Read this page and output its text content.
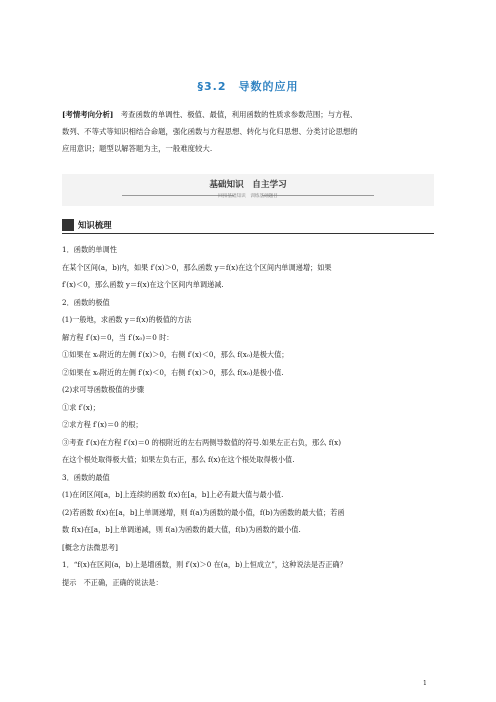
§3.2　导数的应用
[考情考向分析]　 考查函数的单调性、极值、最值，利用函数的性质求参数范围；与方程、
数列、不等式等知识相结合命题，强化函数与方程思想、转化与化归思想、分类讨论思想的
应用意识；题型以解答题为主，一般难度较大.
基础知识　自主学习
回扣基础知识　训练基础题目
知识梳理
1．函数的单调性
在某个区间(a，b)内，如果 f′(x)＞0，那么函数 y＝f(x)在这个区间内单调递增；如果
f′(x)＜0，那么函数 y＝f(x)在这个区间内单调递减.
2．函数的极值
(1)一般地，求函数 y＝f(x)的极值的方法
解方程 f′(x)＝0，当 f′(x₀)＝0 时：
①如果在 x₀附近的左侧 f′(x)＞0，右侧 f′(x)＜0，那么 f(x₀)是极大值；
②如果在 x₀附近的左侧 f′(x)＜0，右侧 f′(x)＞0，那么 f(x₀)是极小值.
(2)求可导函数极值的步骤
①求 f′(x)；
②求方程 f′(x)＝0 的根；
③考查 f′(x)在方程 f′(x)＝0 的根附近的左右两侧导数值的符号.如果左正右负，那么 f(x)
在这个根处取得极大值；如果左负右正，那么 f(x)在这个根处取得极小值.
3．函数的最值
(1)在闭区间[a，b]上连续的函数 f(x)在[a，b]上必有最大值与最小值.
(2)若函数 f(x)在[a，b]上单调递增，则 f(a)为函数的最小值，f(b)为函数的最大值；若函
数 f(x)在[a，b]上单调递减，则 f(a)为函数的最大值，f(b)为函数的最小值.
[概念方法微思考]
1．“f(x)在区间(a，b)上是增函数，则 f′(x)＞0 在(a，b)上恒成立”，这种说法是否正确？
提示　不正确，正确的说法是：
1
